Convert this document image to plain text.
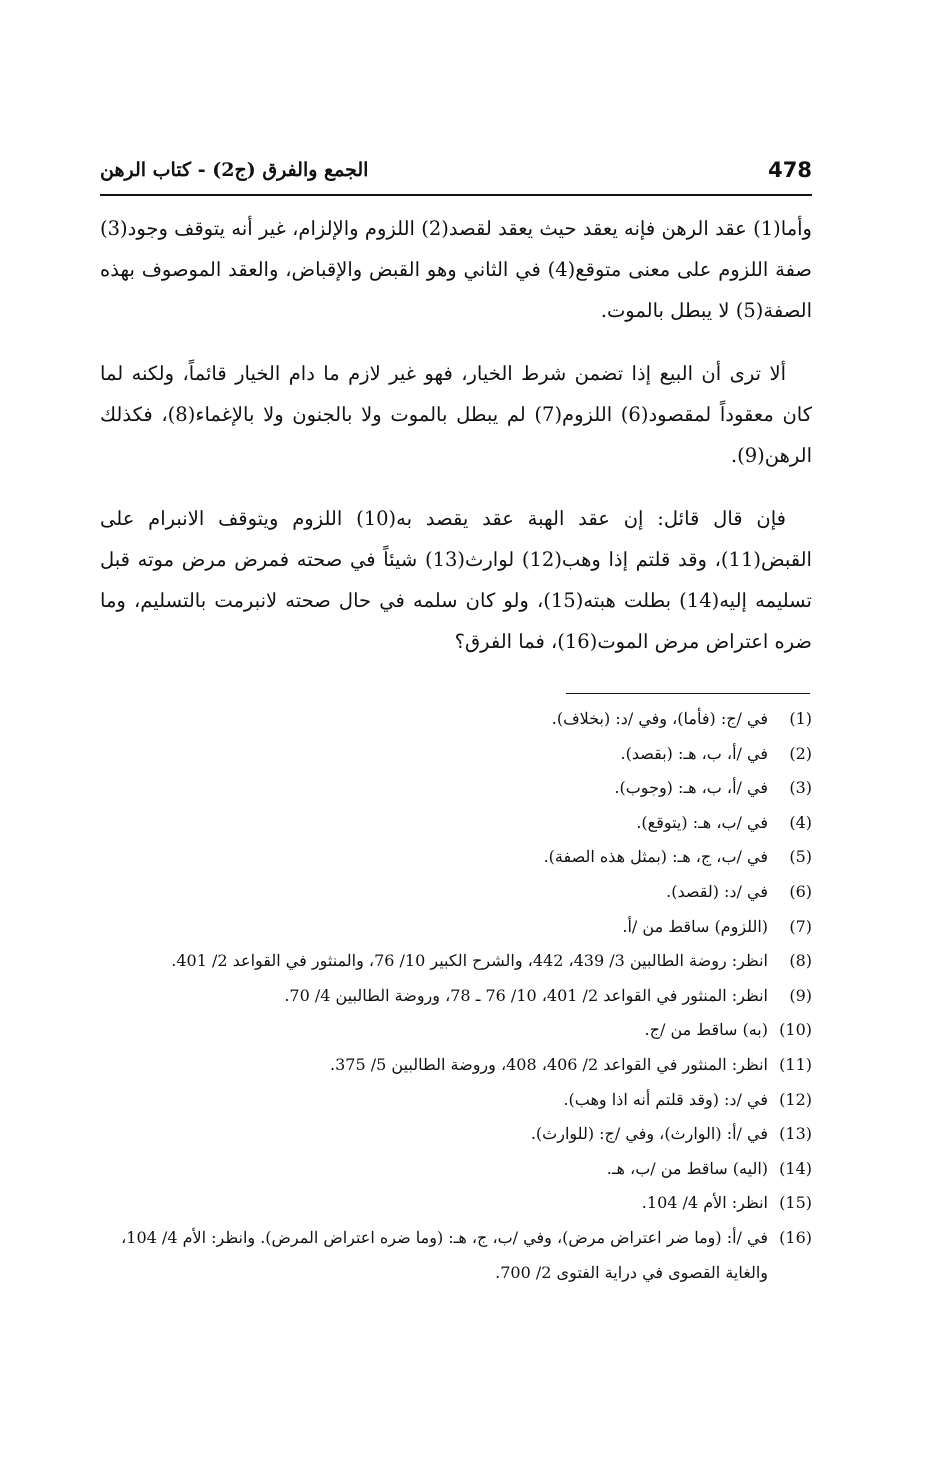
478
الجمع والفرق (ج2) - كتاب الرهن

وأما(1) عقد الرهن فإنه يعقد حيث يعقد لقصد(2) اللزوم والإلزام، غير أنه يتوقف وجود(3) صفة اللزوم على معنى متوقع(4) في الثاني وهو القبض والإقباض، والعقد الموصوف بهذه الصفة(5) لا يبطل بالموت.

ألا ترى أن البيع إذا تضمن شرط الخيار، فهو غير لازم ما دام الخيار قائماً، ولكنه لما كان معقوداً لمقصود(6) اللزوم(7) لم يبطل بالموت ولا بالجنون ولا بالإغماء(8)، فكذلك الرهن(9).

فإن قال قائل: إن عقد الهبة عقد يقصد به(10) اللزوم ويتوقف الانبرام على القبض(11)، وقد قلتم إذا وهب(12) لوارث(13) شيئاً في صحته فمرض مرض موته قبل تسليمه إليه(14) بطلت هبته(15)، ولو كان سلمه في حال صحته لانبرمت بالتسليم، وما ضره اعتراض مرض الموت(16)، فما الفرق؟

(1)
في /ج: (فأما)، وفي /د: (بخلاف).
(2)
في /أ، ب، هـ: (بقصد).
(3)
في /أ، ب، هـ: (وجوب).
(4)
في /ب، هـ: (يتوقع).
(5)
في /ب، ج، هـ: (بمثل هذه الصفة).
(6)
في /د: (لقصد).
(7)
(اللزوم) ساقط من /أ.
(8)
انظر: روضة الطالبين 3/ 439، 442، والشرح الكبير 10/ 76، والمنثور في القواعد 2/ 401.
(9)
انظر: المنثور في القواعد 2/ 401، 10/ 76 ـ 78، وروضة الطالبين 4/ 70.
(10)
(به) ساقط من /ج.
(11)
انظر: المنثور في القواعد 2/ 406، 408، وروضة الطالبين 5/ 375.
(12)
في /د: (وقد قلتم أنه اذا وهب).
(13)
في /أ: (الوارث)، وفي /ج: (للوارث).
(14)
(اليه) ساقط من /ب، هـ.
(15)
انظر: الأم 4/ 104.
(16)
في /أ: (وما ضر اعتراض مرض)، وفي /ب، ج، هـ: (وما ضره اعتراض المرض). وانظر: الأم 4/ 104، والغاية القصوى في دراية الفتوى 2/ 700.
